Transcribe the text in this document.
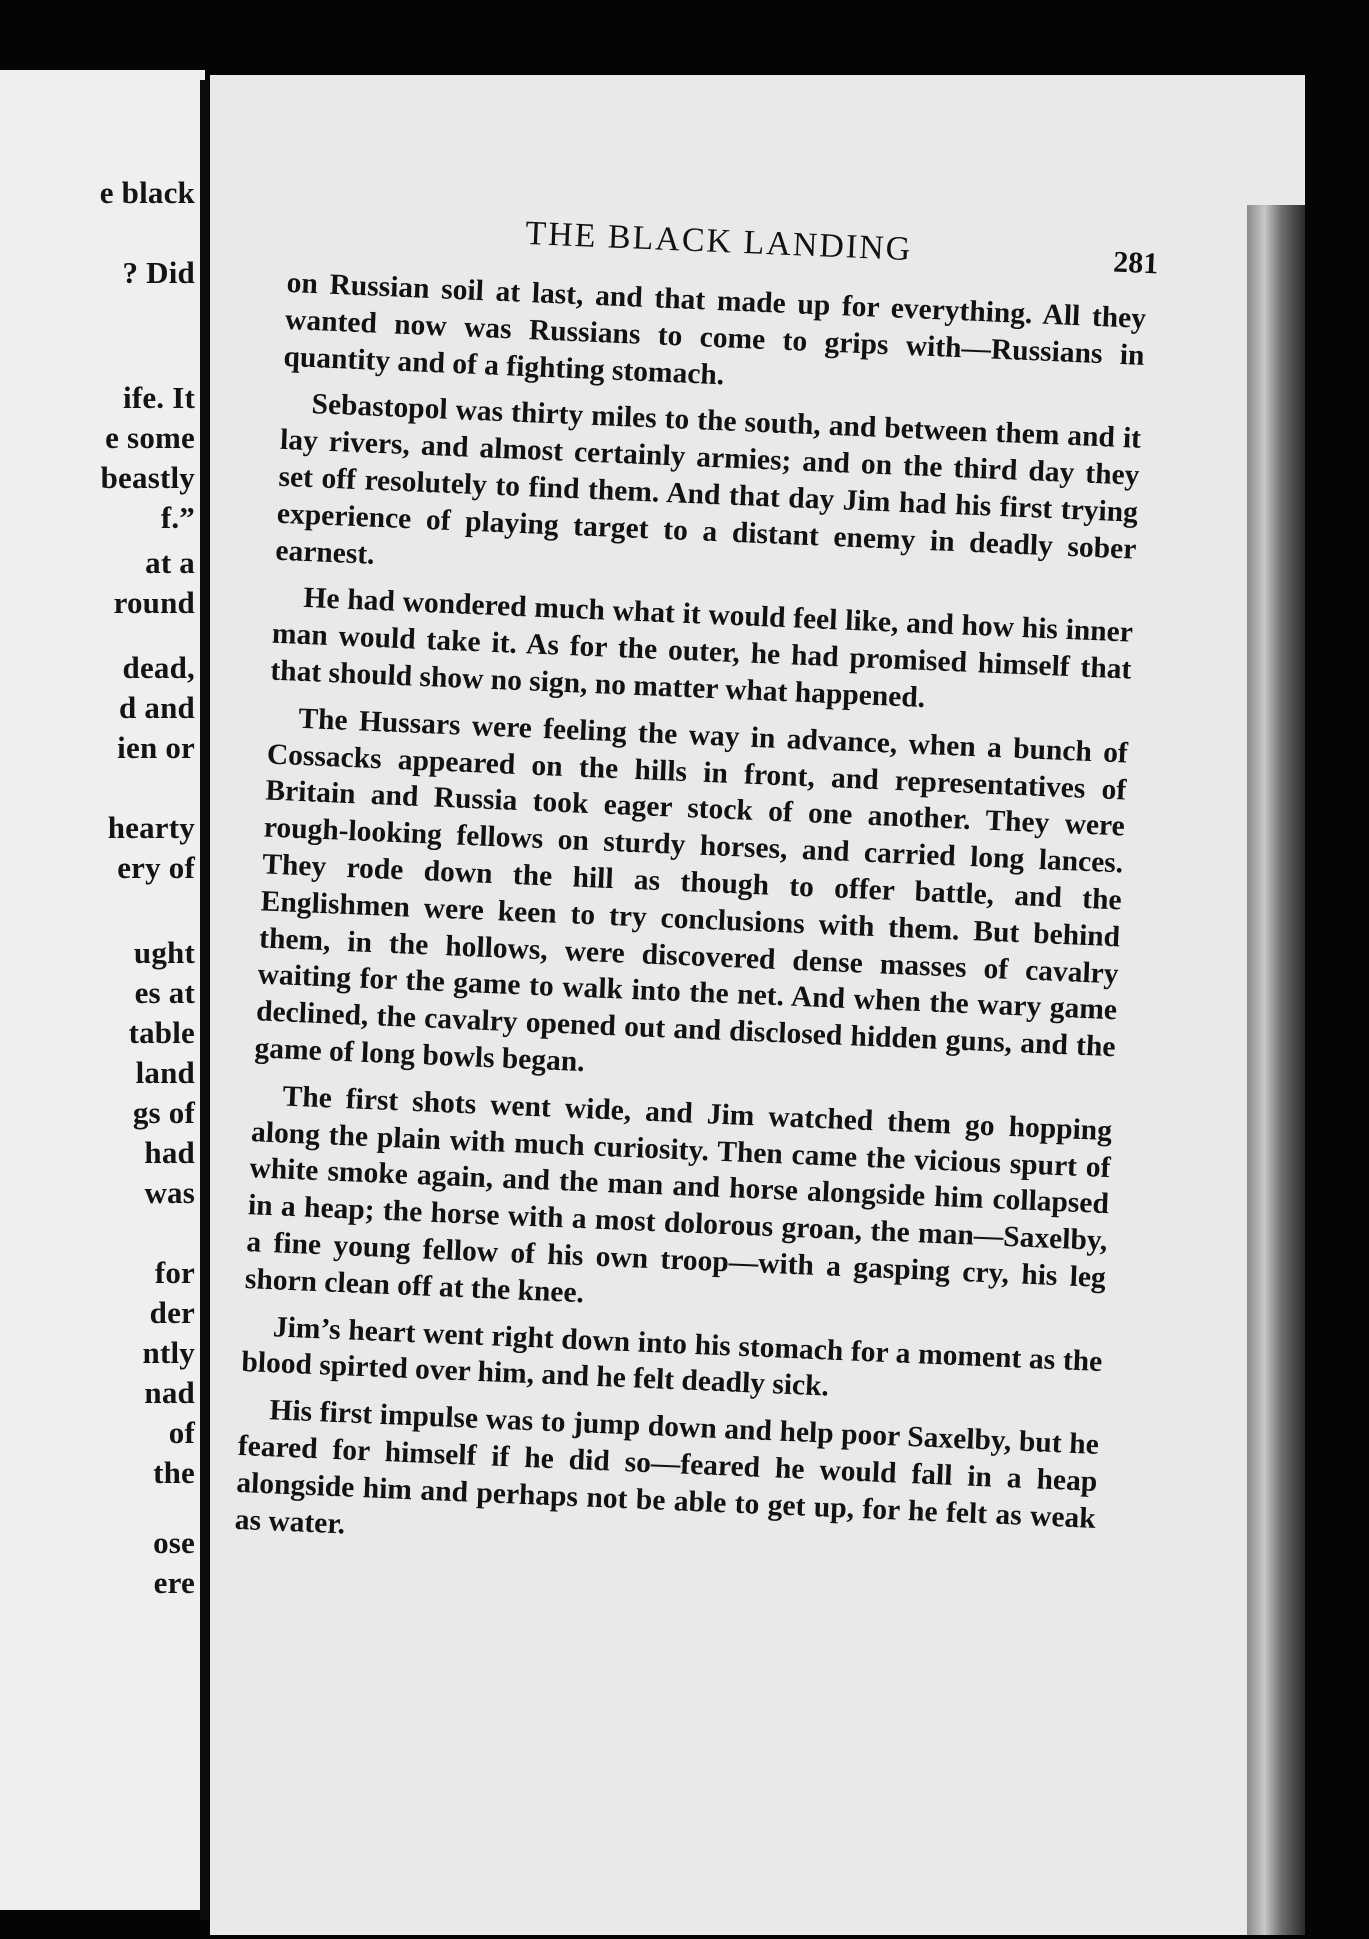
e black
? Did
ife. It
e some
beastly
f.”
at a
round
dead,
d and
ien or
hearty
ery of
ught
es at
table
land
gs of
had
was
for
der
ntly
nad
of
the
ose
ere
THE BLACK LANDING	281

on Russian soil at last, and that made up for everything. All they wanted now was Russians to come to grips with—Russians in quantity and of a fighting stomach.

Sebastopol was thirty miles to the south, and between them and it lay rivers, and almost certainly armies; and on the third day they set off resolutely to find them. And that day Jim had his first trying experience of playing target to a distant enemy in deadly sober earnest.

He had wondered much what it would feel like, and how his inner man would take it. As for the outer, he had promised himself that that should show no sign, no matter what happened.

The Hussars were feeling the way in advance, when a bunch of Cossacks appeared on the hills in front, and representatives of Britain and Russia took eager stock of one another. They were rough-looking fellows on sturdy horses, and carried long lances. They rode down the hill as though to offer battle, and the Englishmen were keen to try conclusions with them. But behind them, in the hollows, were discovered dense masses of cavalry waiting for the game to walk into the net. And when the wary game declined, the cavalry opened out and disclosed hidden guns, and the game of long bowls began.

The first shots went wide, and Jim watched them go hopping along the plain with much curiosity. Then came the vicious spurt of white smoke again, and the man and horse alongside him collapsed in a heap; the horse with a most dolorous groan, the man—Saxelby, a fine young fellow of his own troop—with a gasping cry, his leg shorn clean off at the knee.

Jim’s heart went right down into his stomach for a moment as the blood spirted over him, and he felt deadly sick.

His first impulse was to jump down and help poor Saxelby, but he feared for himself if he did so—feared he would fall in a heap alongside him and perhaps not be able to get up, for he felt as weak as water.
